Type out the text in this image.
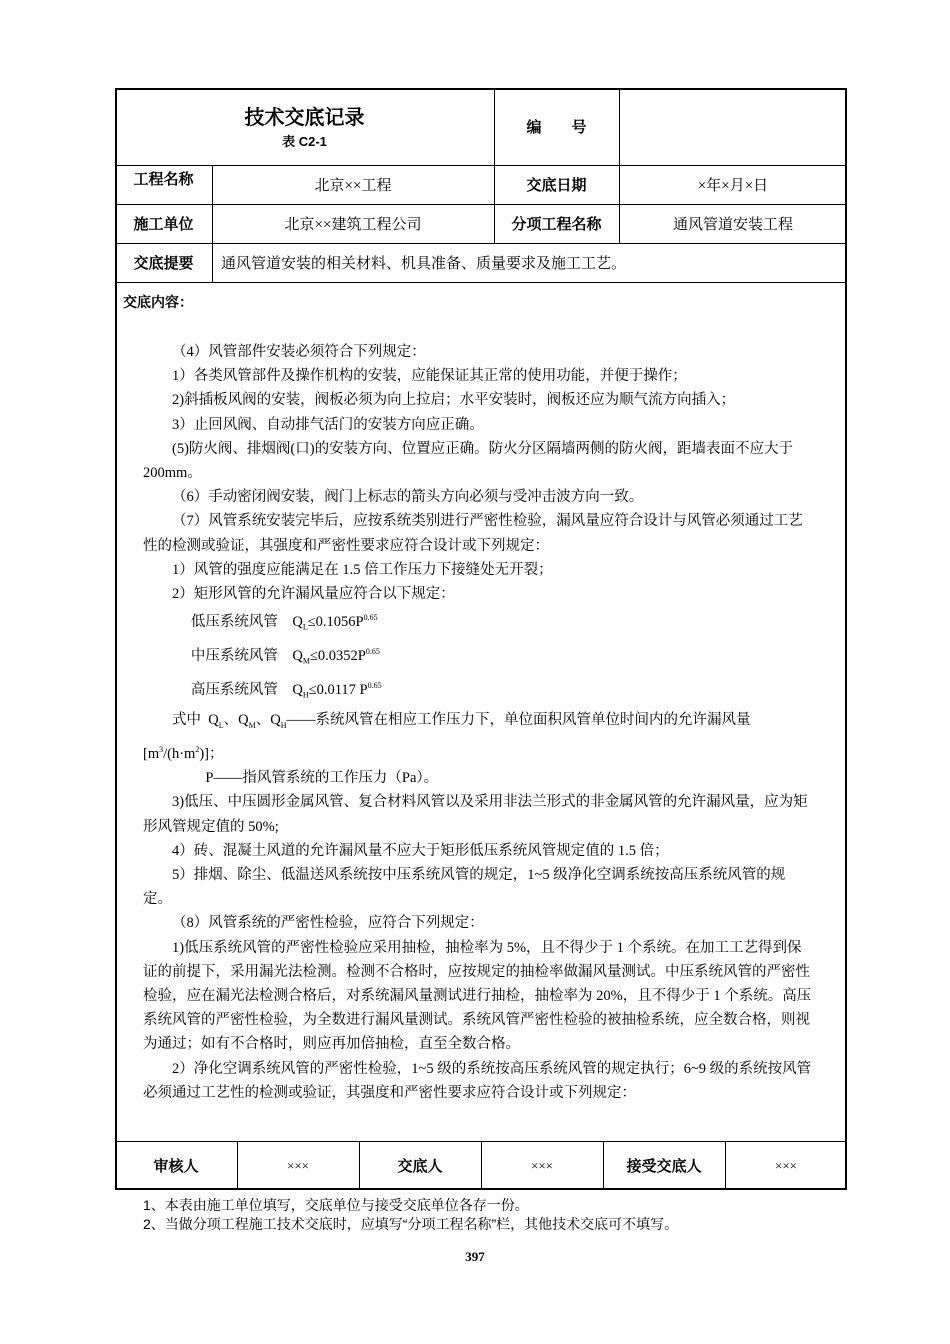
技术交底记录
表 C2-1
编　　号
工程名称	北京××工程	交底日期	×年×月×日
施工单位	北京××建筑工程公司	分项工程名称	通风管道安装工程
交底提要 通风管道安装的相关材料、机具准备、质量要求及施工工艺。
交底内容：

（4）风管部件安装必须符合下列规定：

1）各类风管部件及操作机构的安装，应能保证其正常的使用功能，并便于操作；

2)斜插板风阀的安装，阀板必须为向上拉启；水平安装时，阀板还应为顺气流方向插入；

3）止回风阀、自动排气活门的安装方向应正确。

(5)防火阀、排烟阀(口)的安装方向、位置应正确。防火分区隔墙两侧的防火阀，距墙表面不应大于 200mm。

（6）手动密闭阀安装，阀门上标志的箭头方向必须与受冲击波方向一致。

（7）风管系统安装完毕后，应按系统类别进行严密性检验，漏风量应符合设计与风管必须通过工艺性的检测或验证，其强度和严密性要求应符合设计或下列规定：

1）风管的强度应能满足在 1.5 倍工作压力下接缝处无开裂；

2）矩形风管的允许漏风量应符合以下规定：

低压系统风管 $Q_L\le 0.1056P^{0.65}$

中压系统风管 $Q_M\le 0.0352P^{0.65}$

高压系统风管 $Q_H\le 0.0117$ $P^{0.65}$

式中 $Q_L$、$Q_M$、$Q_H——$系统风管在相应工作压力下，单位面积风管单位时间内的允许漏风量$[m^3/(h\cdot m^2)]$；

P——指风管系统的工作压力（Pa）。

3)低压、中压圆形金属风管、复合材料风管以及采用非法兰形式的非金属风管的允许漏风量，应为矩形风管规定值的 50%;

4）砖、混凝土风道的允许漏风量不应大于矩形低压系统风管规定值的 1.5 倍；

5）排烟、除尘、低温送风系统按中压系统风管的规定，1~5 级净化空调系统按高压系统风管的规定。

（8）风管系统的严密性检验，应符合下列规定：

1)低压系统风管的严密性检验应采用抽检，抽检率为 5%，且不得少于 1 个系统。在加工工艺得到保证的前提下，采用漏光法检测。检测不合格时，应按规定的抽检率做漏风量测试。中压系统风管的严密性检验，应在漏光法检测合格后，对系统漏风量测试进行抽检，抽检率为 20%，且不得少于 1 个系统。高压系统风管的严密性检验，为全数进行漏风量测试。系统风管严密性检验的被抽检系统，应全数合格，则视为通过；如有不合格时，则应再加倍抽检，直至全数合格。

2）净化空调系统风管的严密性检验，1~5 级的系统按高压系统风管的规定执行；6~9 级的系统按风管必须通过工艺性的检测或验证，其强度和严密性要求应符合设计或下列规定：

审核人	×××	交底人	×××	接受交底人	×××
1、本表由施工单位填写，交底单位与接受交底单位各存一份。
2、当做分项工程施工技术交底时，应填写“分项工程名称”栏，其他技术交底可不填写。
397
